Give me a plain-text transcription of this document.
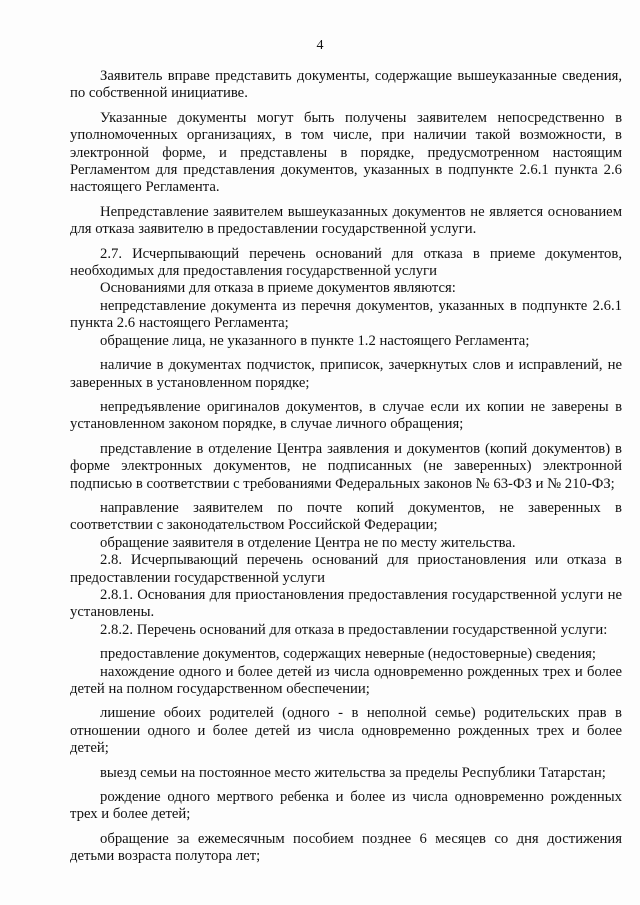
4

Заявитель вправе представить документы, содержащие вышеуказанные сведения, по собственной инициативе.

Указанные документы могут быть получены заявителем непосредственно в уполномоченных организациях, в том числе, при наличии такой возможности, в электронной форме, и представлены в порядке, предусмотренном настоящим Регламентом для представления документов, указанных в подпункте 2.6.1 пункта 2.6 настоящего Регламента.

Непредставление заявителем вышеуказанных документов не является основанием для отказа заявителю в предоставлении государственной услуги.

2.7. Исчерпывающий перечень оснований для отказа в приеме документов, необходимых для предоставления государственной услуги

Основаниями для отказа в приеме документов являются:

непредставление документа из перечня документов, указанных в подпункте 2.6.1 пункта 2.6 настоящего Регламента;

обращение лица, не указанного в пункте 1.2 настоящего Регламента;

наличие в документах подчисток, приписок, зачеркнутых слов и исправлений, не заверенных в установленном порядке;

непредъявление оригиналов документов, в случае если их копии не заверены в установленном законом порядке, в случае личного обращения;

представление в отделение Центра заявления и документов (копий документов) в форме электронных документов, не подписанных (не заверенных) электронной подписью в соответствии с требованиями Федеральных законов № 63-ФЗ и № 210-ФЗ;

направление заявителем по почте копий документов, не заверенных в соответствии с законодательством Российской Федерации;

обращение заявителя в отделение Центра не по месту жительства.

2.8. Исчерпывающий перечень оснований для приостановления или отказа в предоставлении государственной услуги

2.8.1. Основания для приостановления предоставления государственной услуги не установлены.

2.8.2. Перечень оснований для отказа в предоставлении государственной услуги:

предоставление документов, содержащих неверные (недостоверные) сведения;

нахождение одного и более детей из числа одновременно рожденных трех и более детей на полном государственном обеспечении;

лишение обоих родителей (одного - в неполной семье) родительских прав в отношении одного и более детей из числа одновременно рожденных трех и более детей;

выезд семьи на постоянное место жительства за пределы Республики Татарстан;

рождение одного мертвого ребенка и более из числа одновременно рожденных трех и более детей;

обращение за ежемесячным пособием позднее 6 месяцев со дня достижения детьми возраста полутора лет;
